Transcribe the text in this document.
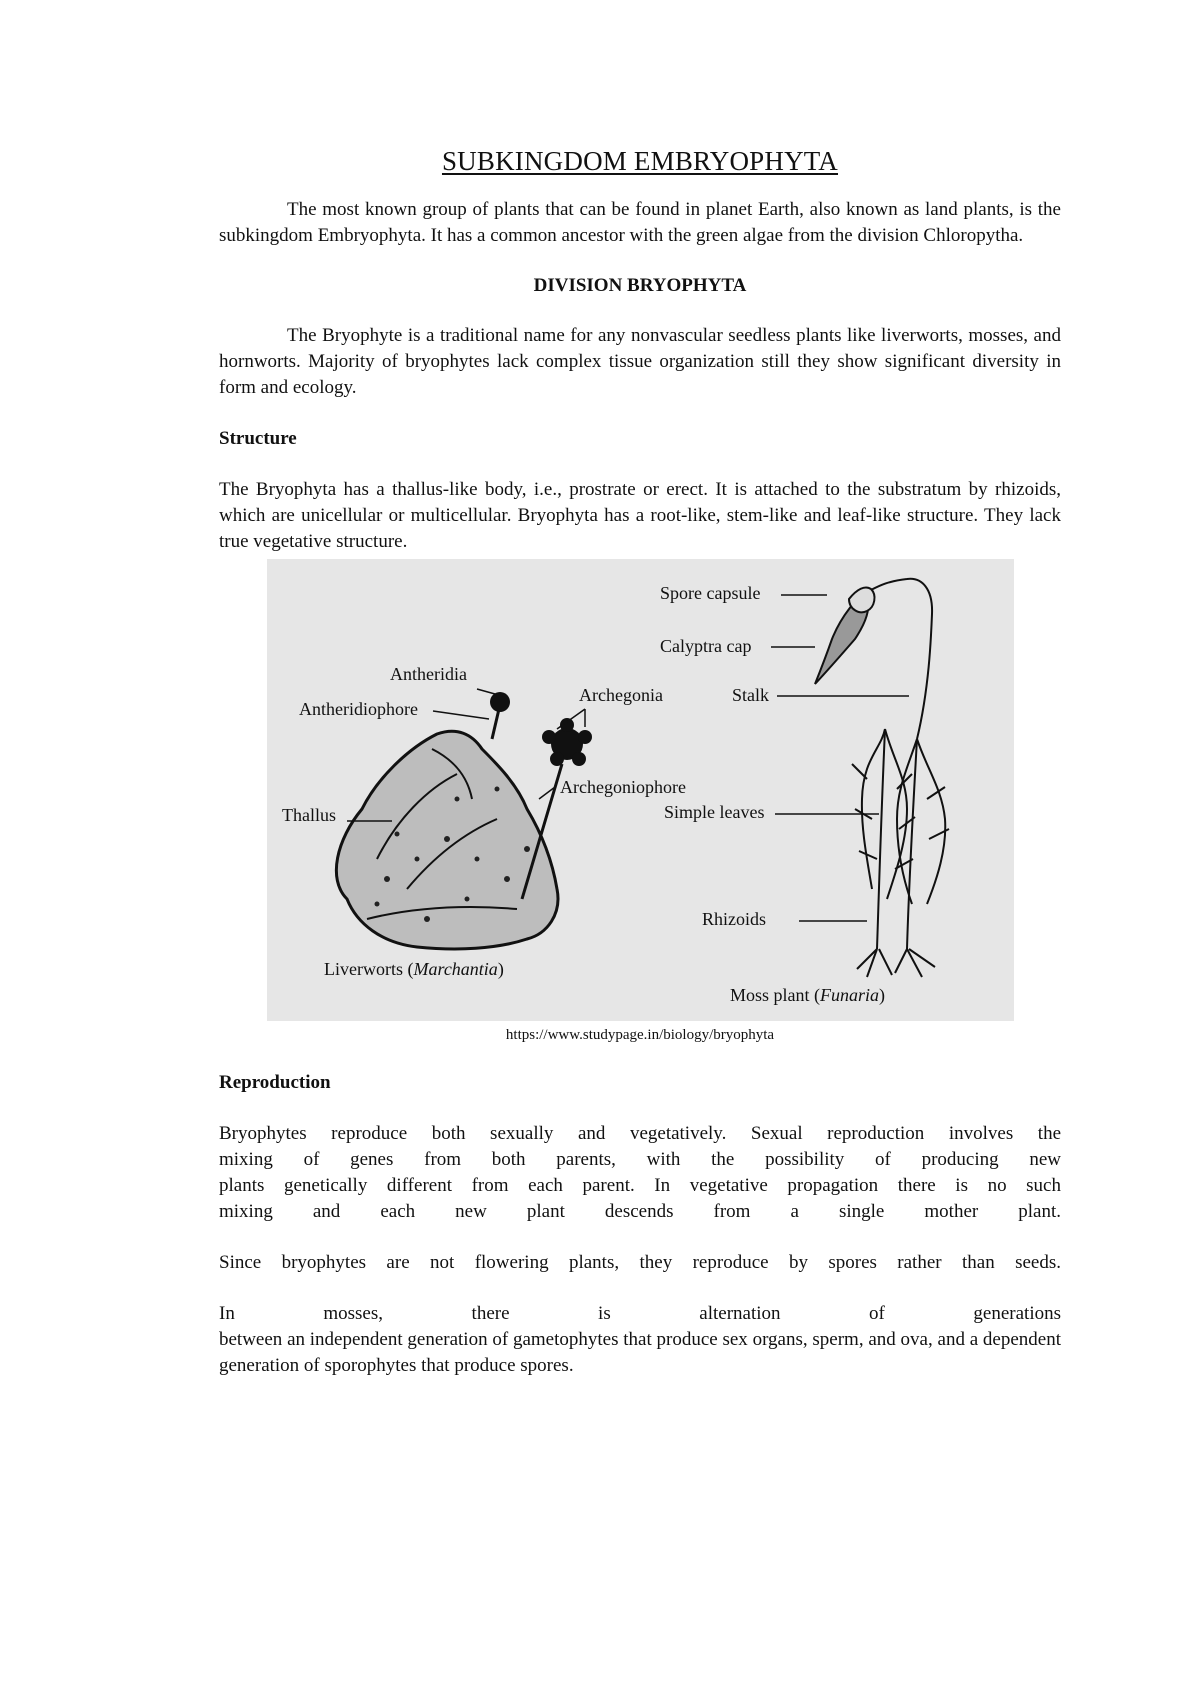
SUBKINGDOM EMBRYOPHYTA

The most known group of plants that can be found in planet Earth, also known as land plants, is the subkingdom Embryophyta. It has a common ancestor with the green algae from the division Chloropytha.

DIVISION BRYOPHYTA

The Bryophyte is a traditional name for any nonvascular seedless plants like liverworts, mosses, and hornworts. Majority of bryophytes lack complex tissue organization still they show significant diversity in form and ecology.

Structure

The Bryophyta has a thallus-like body, i.e., prostrate or erect. It is attached to the substratum by rhizoids, which are unicellular or multicellular. Bryophyta has a root-like, stem-like and leaf-like structure. They lack true vegetative structure.

Antheridia
Antheridiophore
Archegonia
Archegoniophore
Thallus
Spore capsule
Calyptra cap
Stalk
Simple leaves
Rhizoids
Liverworts (Marchantia)
Moss plant (Funaria)
https://www.studypage.in/biology/bryophyta
Reproduction

Bryophytes reproduce both sexually and vegetatively. Sexual reproduction involves the

mixing of genes from both parents, with the possibility of producing new

plants genetically different from each parent. In vegetative propagation there is no such

mixing and each new plant descends from a single mother plant.

Since bryophytes are not flowering plants, they reproduce by spores rather than seeds.

In mosses, there is alternation of generations

between an independent generation of gametophytes that produce sex organs, sperm, and ova, and a dependent generation of sporophytes that produce spores.
